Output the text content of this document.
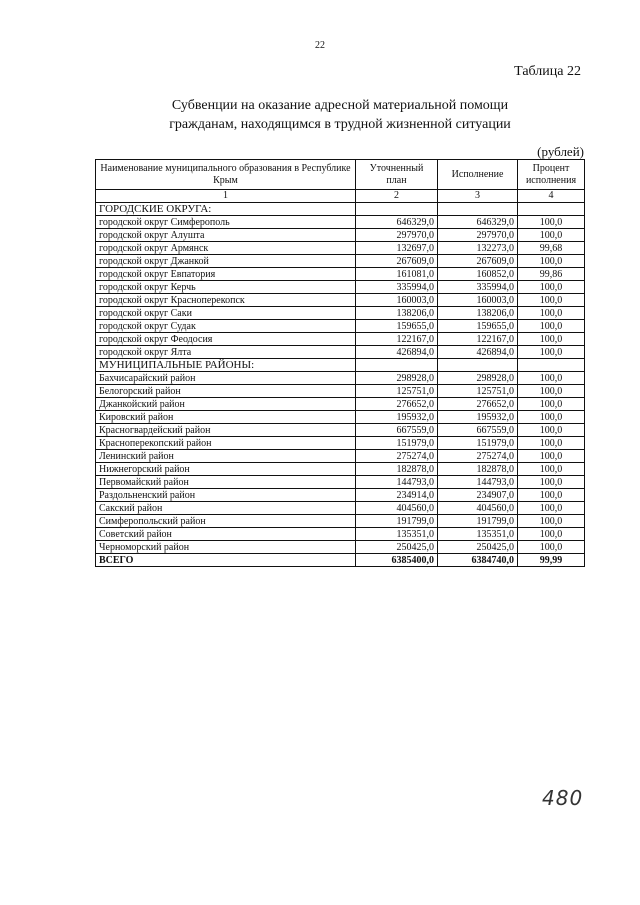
22
Таблица 22
Субвенции на оказание адресной материальной помощи
гражданам, находящимся в трудной жизненной ситуации
(рублей)
Наименование муниципального образования в Республике Крым	Уточненный план	Исполнение	Процент исполнения
1	2	3	4
ГОРОДСКИЕ ОКРУГА:			
городской округ Симферополь	646329,0	646329,0	100,0
городской округ Алушта	297970,0	297970,0	100,0
городской округ Армянск	132697,0	132273,0	99,68
городской округ Джанкой	267609,0	267609,0	100,0
городской округ Евпатория	161081,0	160852,0	99,86
городской округ Керчь	335994,0	335994,0	100,0
городской округ Красноперекопск	160003,0	160003,0	100,0
городской округ Саки	138206,0	138206,0	100,0
городской округ Судак	159655,0	159655,0	100,0
городской округ Феодосия	122167,0	122167,0	100,0
городской округ Ялта	426894,0	426894,0	100,0
МУНИЦИПАЛЬНЫЕ РАЙОНЫ:			
Бахчисарайский район	298928,0	298928,0	100,0
Белогорский район	125751,0	125751,0	100,0
Джанкойский район	276652,0	276652,0	100,0
Кировский район	195932,0	195932,0	100,0
Красногвардейский район	667559,0	667559,0	100,0
Красноперекопский район	151979,0	151979,0	100,0
Ленинский район	275274,0	275274,0	100,0
Нижнегорский район	182878,0	182878,0	100,0
Первомайский район	144793,0	144793,0	100,0
Раздольненский район	234914,0	234907,0	100,0
Сакский район	404560,0	404560,0	100,0
Симферопольский район	191799,0	191799,0	100,0
Советский район	135351,0	135351,0	100,0
Черноморский район	250425,0	250425,0	100,0
ВСЕГО	6385400,0	6384740,0	99,99
480
